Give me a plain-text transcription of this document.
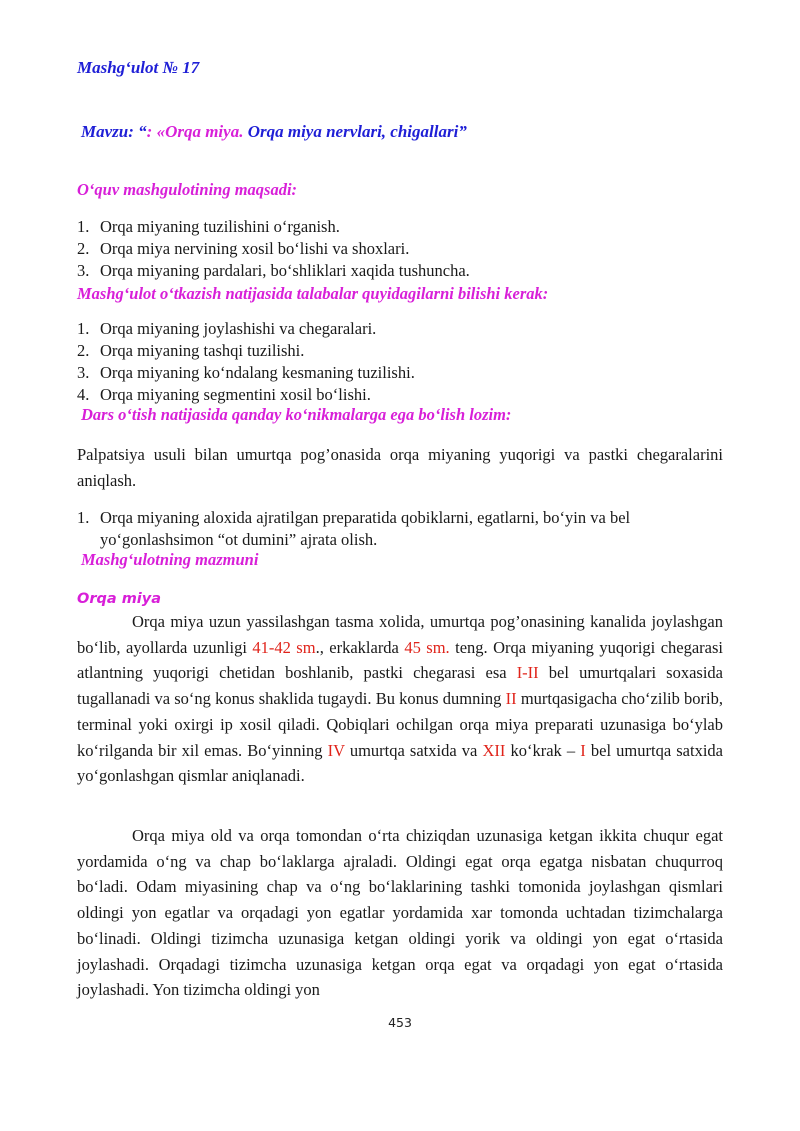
Mashg‘ulot № 17
Mavzu: “: «Orqa miya. Orqa miya nervlari, chigallari”
O‘quv mashgulotining maqsadi:
1. Orqa miyaning tuzilishini o‘rganish.
2. Orqa miya nervining xosil bo‘lishi va shoxlari.
3. Orqa miyaning pardalari, bo‘shliklari xaqida tushuncha.
Mashg‘ulot o‘tkazish natijasida talabalar quyidagilarni bilishi kerak:
1. Orqa miyaning joylashishi va chegaralari.
2. Orqa miyaning tashqi tuzilishi.
3. Orqa miyaning ko‘ndalang kesmaning tuzilishi.
4. Orqa miyaning segmentini xosil bo‘lishi.
Dars o‘tish natijasida qanday ko‘nikmalarga ega bo‘lish lozim:

Palpatsiya usuli bilan umurtqa pog’onasida orqa miyaning yuqorigi va pastki chegaralarini aniqlash.

1. Orqa miyaning aloxida ajratilgan preparatida qobiklarni, egatlarni, bo‘yin va bel yo‘gonlashsimon “ot dumini” ajrata olish.
Mashg‘ulotning mazmuni
Orqa miya

Orqa miya uzun yassilashgan tasma xolida, umurtqa pog’onasining kanalida joylashgan bo‘lib, ayollarda uzunligi 41-42 sm., erkaklarda 45 sm. teng. Orqa miyaning yuqorigi chegarasi atlantning yuqorigi chetidan boshlanib, pastki chegarasi esa I-II bel umurtqalari soxasida tugallanadi va so‘ng konus shaklida tugaydi. Bu konus dumning II murtqasigacha cho‘zilib borib, terminal yoki oxirgi ip xosil qiladi. Qobiqlari ochilgan orqa miya preparati uzunasiga bo‘ylab ko‘rilganda bir xil emas. Bo‘yinning IV umurtqa satxida va XII ko‘krak – I bel umurtqa satxida yo‘gonlashgan qismlar aniqlanadi.

Orqa miya old va orqa tomondan o‘rta chiziqdan uzunasiga ketgan ikkita chuqur egat yordamida o‘ng va chap bo‘laklarga ajraladi. Oldingi egat orqa egatga nisbatan chuqurroq bo‘ladi. Odam miyasining chap va o‘ng bo‘laklarining tashki tomonida joylashgan qismlari oldingi yon egatlar va orqadagi yon egatlar yordamida xar tomonda uchtadan tizimchalarga bo‘linadi. Oldingi tizimcha uzunasiga ketgan oldingi yorik va oldingi yon egat o‘rtasida joylashadi. Orqadagi tizimcha uzunasiga ketgan orqa egat va orqadagi yon egat o‘rtasida joylashadi. Yon tizimcha oldingi yon

453
